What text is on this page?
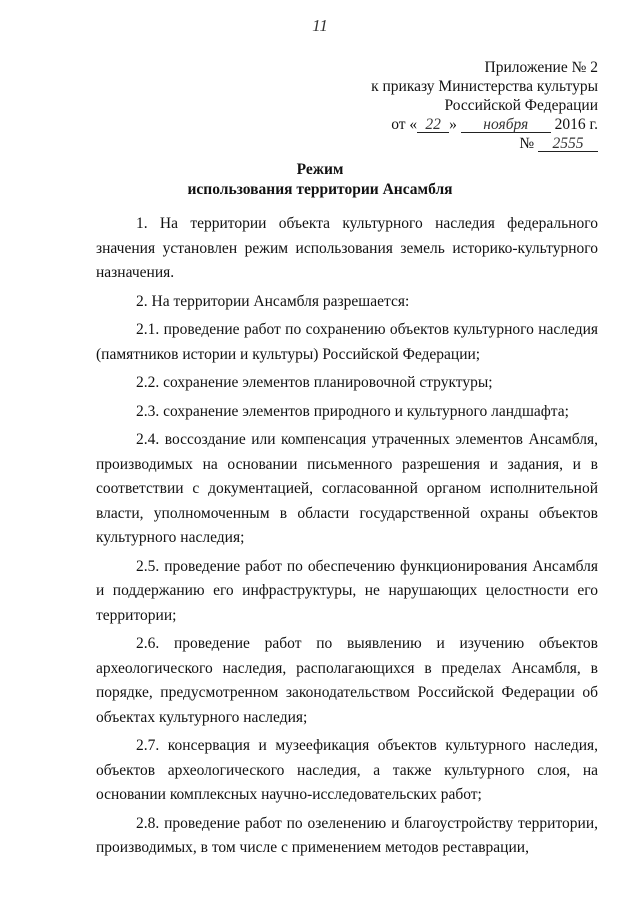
11
Приложение № 2
к приказу Министерства культуры
Российской Федерации
от « 22 » ноября 2016 г.
№ 2555
Режим
использования территории Ансамбля

1. На территории объекта культурного наследия федерального значения установлен режим использования земель историко-культурного назначения.

2. На территории Ансамбля разрешается:

2.1. проведение работ по сохранению объектов культурного наследия (памятников истории и культуры) Российской Федерации;

2.2. сохранение элементов планировочной структуры;

2.3. сохранение элементов природного и культурного ландшафта;

2.4. воссоздание или компенсация утраченных элементов Ансамбля, производимых на основании письменного разрешения и задания, и в соответствии с документацией, согласованной органом исполнительной власти, уполномоченным в области государственной охраны объектов культурного наследия;

2.5. проведение работ по обеспечению функционирования Ансамбля и поддержанию его инфраструктуры, не нарушающих целостности его территории;

2.6. проведение работ по выявлению и изучению объектов археологического наследия, располагающихся в пределах Ансамбля, в порядке, предусмотренном законодательством Российской Федерации об объектах культурного наследия;

2.7. консервация и музеефикация объектов культурного наследия, объектов археологического наследия, а также культурного слоя, на основании комплексных научно-исследовательских работ;

2.8. проведение работ по озеленению и благоустройству территории, производимых, в том числе с применением методов реставрации,
